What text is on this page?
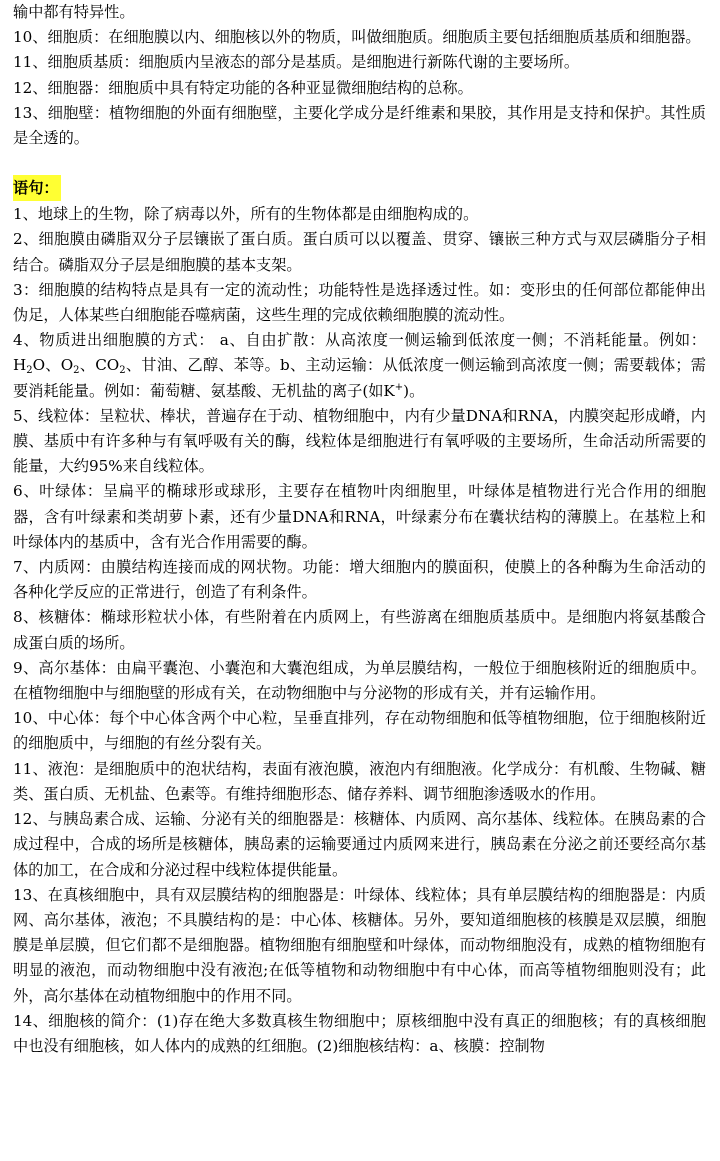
输中都有特异性。

10、细胞质：在细胞膜以内、细胞核以外的物质，叫做细胞质。细胞质主要包括细胞质基质和细胞器。

11、细胞质基质：细胞质内呈液态的部分是基质。是细胞进行新陈代谢的主要场所。

12、细胞器：细胞质中具有特定功能的各种亚显微细胞结构的总称。

13、细胞壁：植物细胞的外面有细胞壁，主要化学成分是纤维素和果胶，其作用是支持和保护。其性质是全透的。

语句：

1、地球上的生物，除了病毒以外，所有的生物体都是由细胞构成的。

2、细胞膜由磷脂双分子层镶嵌了蛋白质。蛋白质可以以覆盖、贯穿、镶嵌三种方式与双层磷脂分子相结合。磷脂双分子层是细胞膜的基本支架。

3：细胞膜的结构特点是具有一定的流动性；功能特性是选择透过性。如：变形虫的任何部位都能伸出伪足，人体某些白细胞能吞噬病菌，这些生理的完成依赖细胞膜的流动性。

4、物质进出细胞膜的方式： a、自由扩散：从高浓度一侧运输到低浓度一侧；不消耗能量。例如：$H_2O$、$O_2$、$CO_2$、甘油、乙醇、苯等。b、主动运输：从低浓度一侧运输到高浓度一侧；需要载体；需要消耗能量。例如：葡萄糖、氨基酸、无机盐的离子(如K+)。

5、线粒体：呈粒状、棒状，普遍存在于动、植物细胞中，内有少量DNA和RNA，内膜突起形成嵴，内膜、基质中有许多种与有氧呼吸有关的酶，线粒体是细胞进行有氧呼吸的主要场所，生命活动所需要的能量，大约95%来自线粒体。

6、叶绿体：呈扁平的椭球形或球形，主要存在植物叶肉细胞里，叶绿体是植物进行光合作用的细胞器，含有叶绿素和类胡萝卜素，还有少量DNA和RNA，叶绿素分布在囊状结构的薄膜上。在基粒上和叶绿体内的基质中，含有光合作用需要的酶。

7、内质网：由膜结构连接而成的网状物。功能：增大细胞内的膜面积，使膜上的各种酶为生命活动的各种化学反应的正常进行，创造了有利条件。

8、核糖体：椭球形粒状小体，有些附着在内质网上，有些游离在细胞质基质中。是细胞内将氨基酸合成蛋白质的场所。

9、高尔基体：由扁平囊泡、小囊泡和大囊泡组成，为单层膜结构，一般位于细胞核附近的细胞质中。在植物细胞中与细胞壁的形成有关，在动物细胞中与分泌物的形成有关，并有运输作用。

10、中心体：每个中心体含两个中心粒，呈垂直排列，存在动物细胞和低等植物细胞，位于细胞核附近的细胞质中，与细胞的有丝分裂有关。

11、液泡：是细胞质中的泡状结构，表面有液泡膜，液泡内有细胞液。化学成分：有机酸、生物碱、糖类、蛋白质、无机盐、色素等。有维持细胞形态、储存养料、调节细胞渗透吸水的作用。

12、与胰岛素合成、运输、分泌有关的细胞器是：核糖体、内质网、高尔基体、线粒体。在胰岛素的合成过程中，合成的场所是核糖体，胰岛素的运输要通过内质网来进行，胰岛素在分泌之前还要经高尔基体的加工，在合成和分泌过程中线粒体提供能量。

13、在真核细胞中，具有双层膜结构的细胞器是：叶绿体、线粒体；具有单层膜结构的细胞器是：内质网、高尔基体，液泡；不具膜结构的是：中心体、核糖体。另外，要知道细胞核的核膜是双层膜，细胞膜是单层膜，但它们都不是细胞器。植物细胞有细胞壁和叶绿体，而动物细胞没有，成熟的植物细胞有明显的液泡，而动物细胞中没有液泡;在低等植物和动物细胞中有中心体，而高等植物细胞则没有；此外，高尔基体在动植物细胞中的作用不同。

14、细胞核的简介：(1)存在绝大多数真核生物细胞中；原核细胞中没有真正的细胞核；有的真核细胞中也没有细胞核，如人体内的成熟的红细胞。(2)细胞核结构：a、核膜：控制物
